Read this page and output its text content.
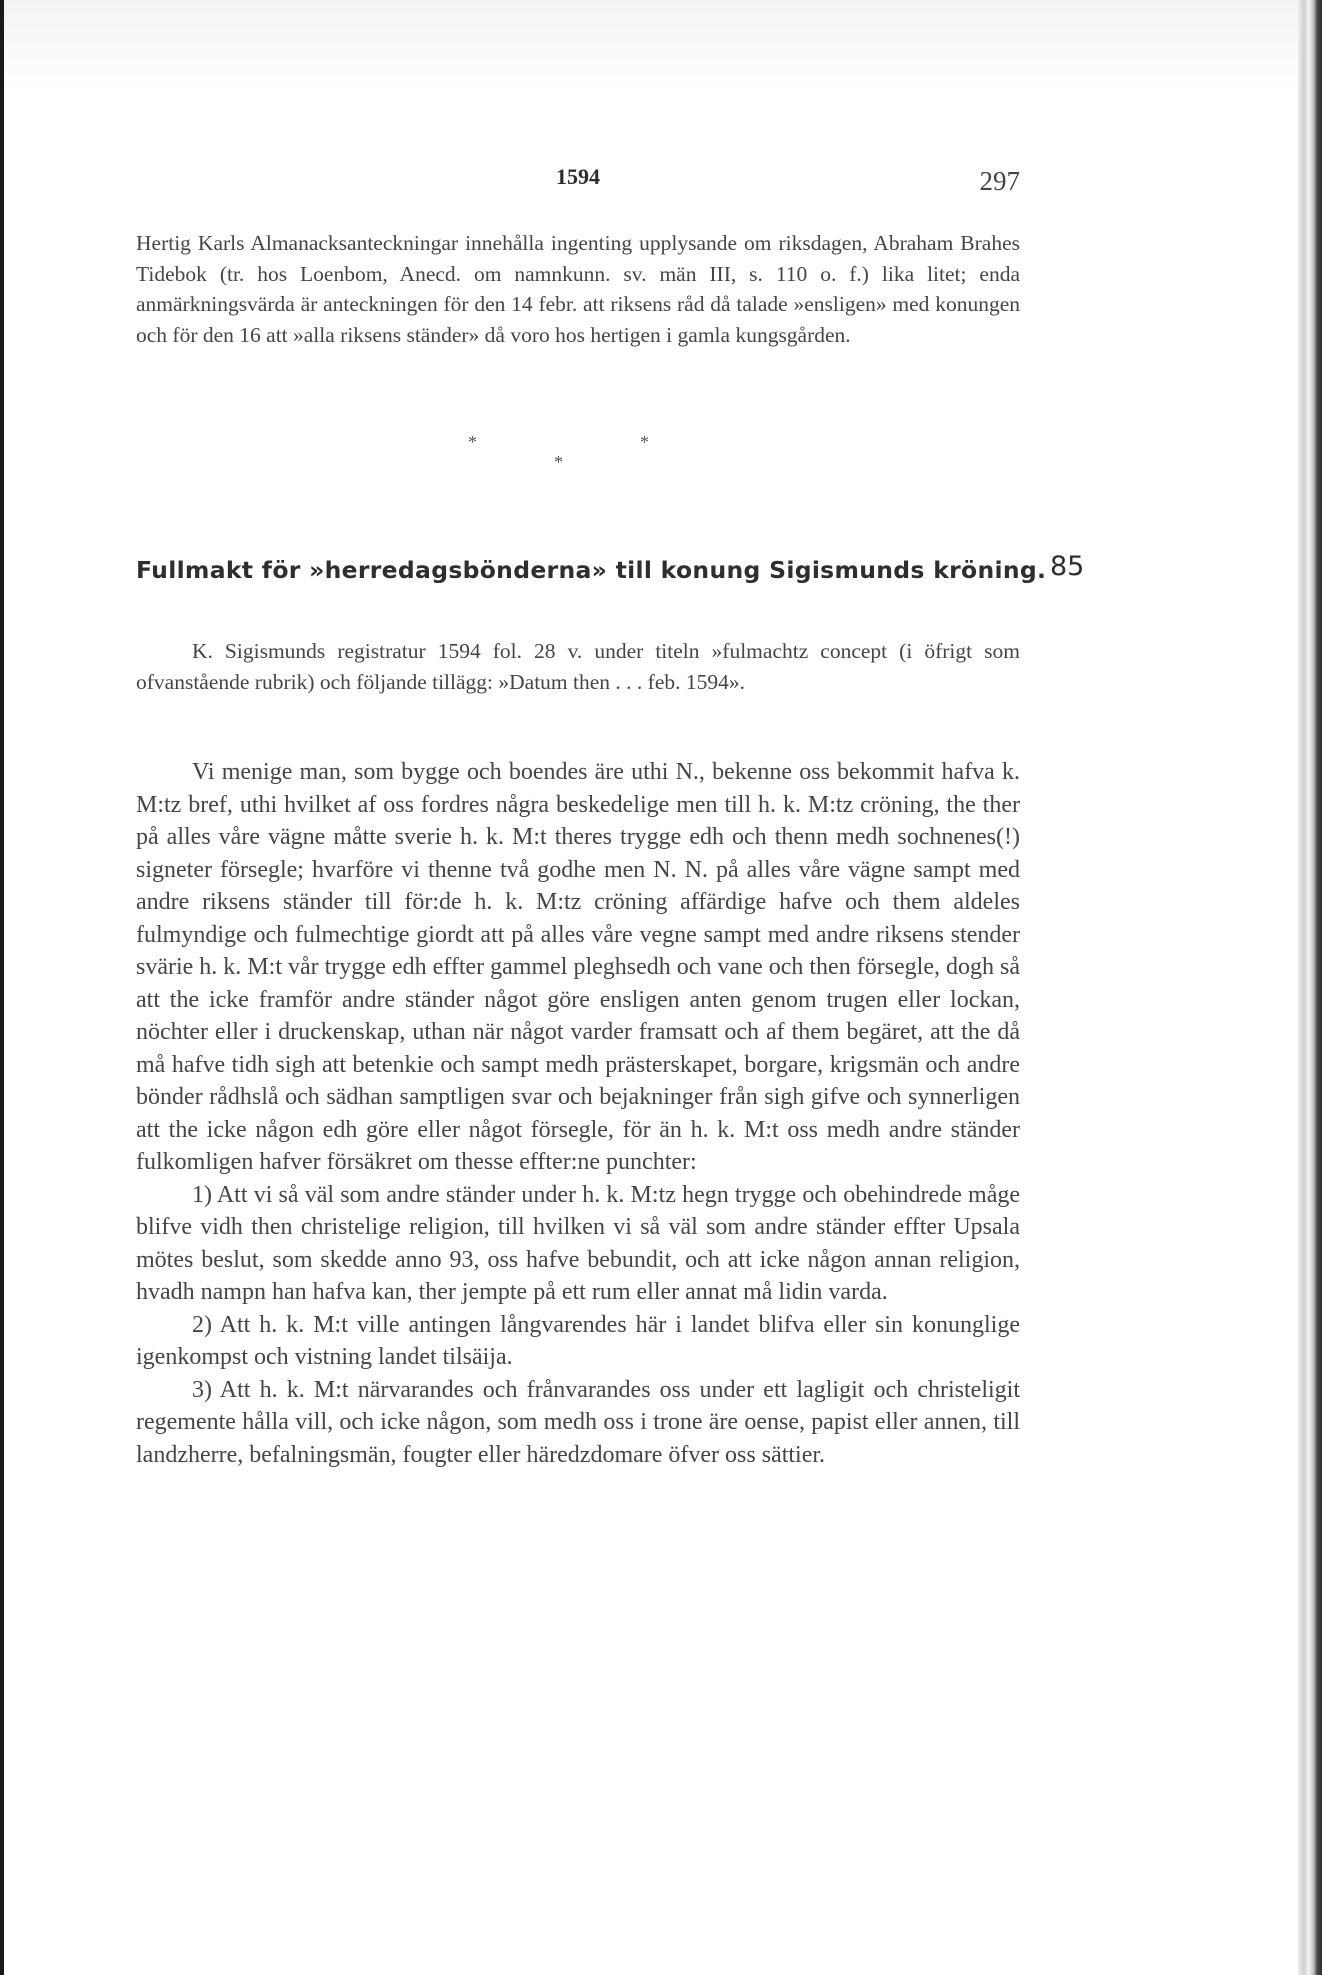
1594	297
Hertig Karls Almanacksanteckningar innehålla ingenting upplysande om riksdagen, Abraham Brahes Tidebok (tr. hos Loenbom, Anecd. om namnkunn. sv. män III, s. 110 o. f.) lika litet; enda anmärkningsvärda är anteckningen för den 14 febr. att riksens råd då talade »ensligen» med konungen och för den 16 att »alla riksens ständer» då voro hos hertigen i gamla kungsgården.
*	*
*
Fullmakt för »herredagsbönderna» till konung Sigismunds kröning. 85
K. Sigismunds registratur 1594 fol. 28 v. under titeln »fulmachtz concept (i öfrigt som ofvanstående rubrik) och följande tillägg: »Datum then . . . feb. 1594».

Vi menige man, som bygge och boendes äre uthi N., bekenne oss bekommit hafva k. M:tz bref, uthi hvilket af oss fordres några beskedelige men till h. k. M:tz cröning, the ther på alles våre vägne måtte sverie h. k. M:t theres trygge edh och thenn medh sochnenes(!) signeter försegle; hvarföre vi thenne två godhe men N. N. på alles våre vägne sampt med andre riksens ständer till för:de h. k. M:tz cröning affärdige hafve och them aldeles fulmyndige och fulmechtige giordt att på alles våre vegne sampt med andre riksens stender svärie h. k. M:t vår trygge edh effter gammel pleghsedh och vane och then försegle, dogh så att the icke framför andre ständer något göre ensligen anten genom trugen eller lockan, nöchter eller i druckenskap, uthan när något varder framsatt och af them begäret, att the då må hafve tidh sigh att betenkie och sampt medh prästerskapet, borgare, krigsmän och andre bönder rådhslå och sädhan samptligen svar och bejakninger från sigh gifve och synnerligen att the icke någon edh göre eller något försegle, för än h. k. M:t oss medh andre ständer fulkomligen hafver försäkret om thesse effter:ne punchter:

1) Att vi så väl som andre ständer under h. k. M:tz hegn trygge och obehindrede måge blifve vidh then christelige religion, till hvilken vi så väl som andre ständer effter Upsala mötes beslut, som skedde anno 93, oss hafve bebundit, och att icke någon annan religion, hvadh nampn han hafva kan, ther jempte på ett rum eller annat må lidin varda.

2) Att h. k. M:t ville antingen långvarendes här i landet blifva eller sin konunglige igenkompst och vistning landet tilsäija.

3) Att h. k. M:t närvarandes och frånvarandes oss under ett lagligit och christeligit regemente hålla vill, och icke någon, som medh oss i trone äre oense, papist eller annen, till landzherre, befalningsmän, fougter eller häredzdomare öfver oss sättier.
